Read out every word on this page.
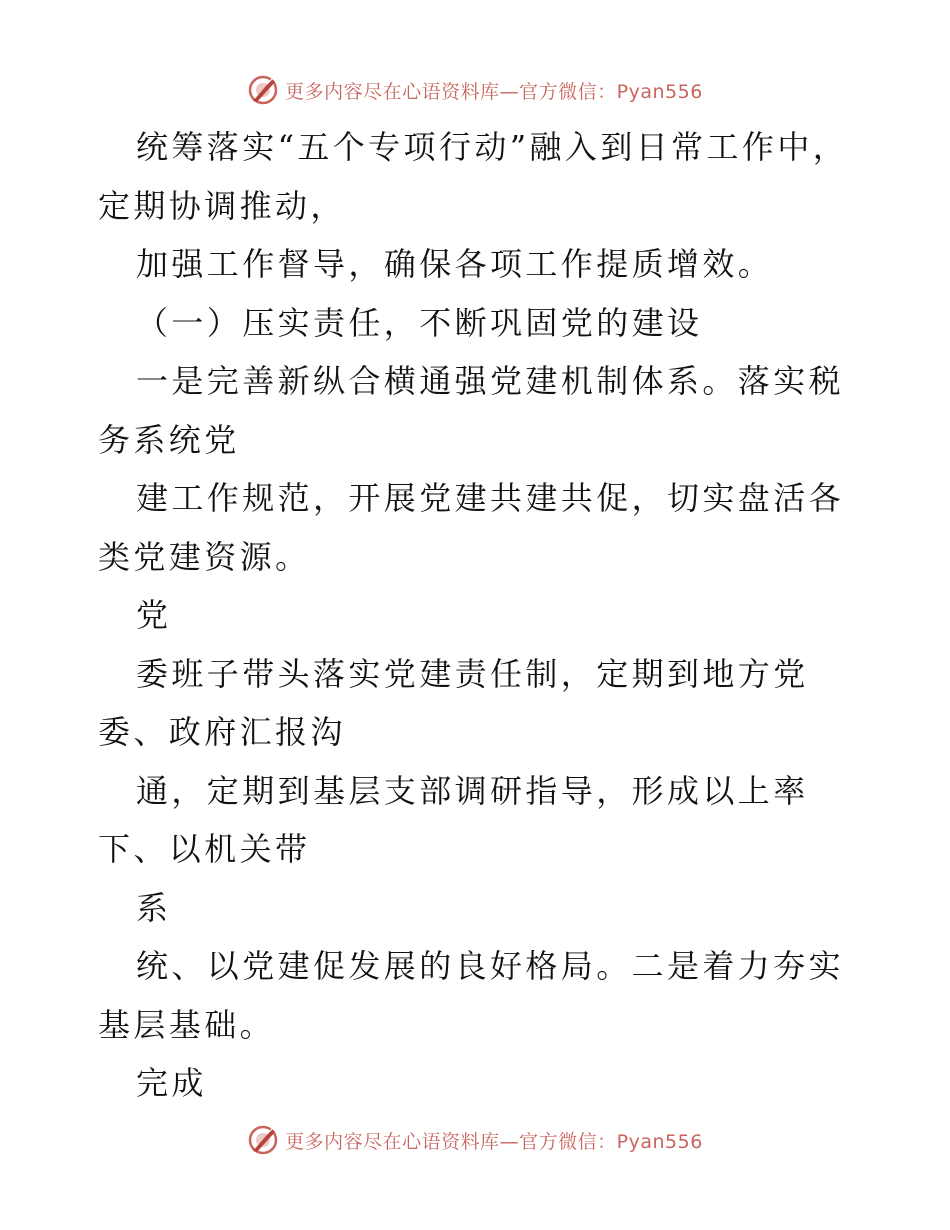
更多内容尽在心语资料库—官方微信：Pyan556

统筹落实“五个专项行动”融入到日常工作中，定期协调推动，

加强工作督导，确保各项工作提质增效。

（一）压实责任，不断巩固党的建设

一是完善新纵合横通强党建机制体系。落实税务系统党

建工作规范，开展党建共建共促，切实盘活各类党建资源。

党

委班子带头落实党建责任制，定期到地方党委、政府汇报沟

通，定期到基层支部调研指导，形成以上率下、以机关带

系

统、以党建促发展的良好格局。二是着力夯实基层基础。

完成

更多内容尽在心语资料库—官方微信：Pyan556
